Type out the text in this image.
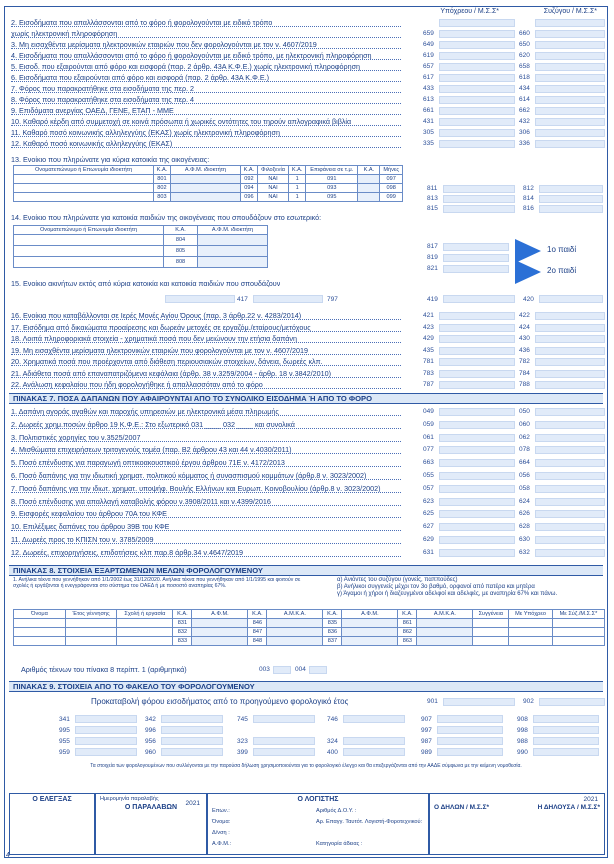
Υπόχρεου / Μ.Σ.Σ*	Συζύγου / Μ.Σ.Σ*
2. Εισοδήματα που απαλλάσσονται από το φόρο ή φορολογούνται με ειδικό τρόπο
χωρίς ηλεκτρονική πληροφόρηση	659	660
3. Μη εισαχθέντα μερίσματα ηλεκτρονικών εταιριών που δεν φορολογούνται με τον ν. 4607/2019	649	650
4. Εισοδήματα που απαλλάσσονται από το φόρο ή φορολογούνται με ειδικό τρόπο, με ηλεκτρονική πληροφόρηση	619	620
5. Εισοδ. που εξαιρούνται από φόρο και εισφορά (παρ. 2 άρθρ. 43Α Κ.Φ.Ε.) χωρίς ηλεκτρονική πληροφόρηση	657	658
6. Εισοδήματα που εξαιρούνται από φόρο και εισφορά (παρ. 2 άρθρ. 43Α Κ.Φ.Ε.)	617	618
7. Φόρος που παρακρατήθηκε στα εισοδήματα της περ. 2	433	434
8. Φόρος που παρακρατήθηκε στα εισοδήματα της περ. 4	613	614
9. Επιδόματα ανεργίας ΟΑΕΔ, ΓΕΝΕ, ΕΤΑΠ - ΜΜΕ	661	662
10. Καθαρό κέρδη από συμμετοχή σε κοινά πρόσωπα ή χωρικές οντότητες του τηρούν απλογραφικά βιβλία	431	432
11. Καθαρό ποσό κοινωνικής αλληλεγγύης (ΕΚΑΣ) χωρίς ηλεκτρονική πληροφόρηση	305	306
12. Καθαρό ποσό κοινωνικής αλληλεγγύης (ΕΚΑΣ)	335	336
13. Ενοίκιο που πληρώνατε για κύρια κατοικία της οικογένειας:
Ονοματεπώνυμο ή Επωνυμία ιδιοκτήτη	Κ.Α.	Α.Φ.Μ. ιδιοκτήτη	Κ.Α.	Φιλοξενία	Κ.Α.	Επιφάνεια σε τ.μ.	Κ.Α.	Μήνες
	801		092	ΝΑΙ	1	091		097
	802		094	ΝΑΙ	1	093		098
	803		096	ΝΑΙ	1	095		099
811	812
813	814
815	816
14. Ενοίκιο που πληρώνατε για κατοικία παιδιών της οικογένειας που σπουδάζουν στο εσωτερικό:
Ονοματεπώνυμο ή Επωνυμία ιδιοκτήτη	Κ.Α.	Α.Φ.Μ. ιδιοκτήτη
	804	
	805	
	808	
817
819
821
1ο παιδί
2ο παιδί
15. Ενοίκιο ακινήτων εκτός από κύρια κατοικία και κατοικία παιδιών που σπουδάζουν
417	797	419	420
16. Ενοίκια που καταβάλλονται σε Ιερές Μονές Αγίου Όρους (παρ. 3 άρθρ.22 ν. 4283/2014)	421	422
17. Εισόδημα από δικαιώματα προαίρεσης και δωρεάν μετοχές σε εργαζόμ./εταίρους/μετόχους	423	424
18. Λοιπά πληροφοριακά στοιχεία - χρηματικά ποσά που δεν μειώνουν την ετήσια δαπάνη	429	430
19. Μη εισαχθέντα μερίσματα ηλεκτρονικών εταιριών που φορολογούνται με τον ν. 4607/2019	435	436
20. Χρηματικά ποσά που προέρχονται από διάθεση περιουσιακών στοιχείων, δάνεια, δωρεές κλπ.	781	782
21. Αδιάθετα ποσά από επαναπατριζόμενα κεφάλαια (άρθρ. 38 ν.3259/2004 - άρθρ. 18 ν.3842/2010)	783	784
22. Ανάλωση κεφαλαίου που ήδη φορολογήθηκε ή απαλλασσόταν από το φόρο	787	788
ΠΙΝΑΚΑΣ 7. ΠΟΣΑ ΔΑΠΑΝΩΝ ΠΟΥ ΑΦΑΙΡΟΥΝΤΑΙ ΑΠΟ ΤΟ ΣΥΝΟΛΙΚΟ ΕΙΣΟΔΗΜΑ Ή ΑΠΟ ΤΟ ΦΟΡΟ
1. Δαπάνη αγοράς αγαθών και παροχής υπηρεσιών με ηλεκτρονικά μέσα πληρωμής	049	050
2. Δωρεές χρημ.ποσών άρθρο 19 Κ.Φ.Ε.: Στο εξωτερικό 031 ____ 032 ____ και συνολικά	059	060
3. Πολιτιστικές χορηγίες του ν.3525/2007	061	062
4. Μισθώματα επιχειρήσεων τριτογενούς τομέα (παρ. Β2 άρθρου 43 και 44 ν.4030/2011)	077	078
5. Ποσό επένδυσης για παραγωγή οπτικοακουστικού έργου άρθρου 71Ε ν. 4172/2013	663	664
6. Ποσό δαπάνης για την ιδιωτική χρηματ. πολιτικού κόμματος ή συνασπισμού κομμάτων (άρθρ.8 ν. 3023/2002)	055	056
7. Ποσό δαπάνης για την ιδιωτ. χρηματ. υποψήφ. Βουλής Ελλήνων και Ευρωπ. Κοινοβουλίου (άρθρ.8 ν. 3023/2002)	057	058
8. Ποσό επένδυσης για απαλλαγή καταβολής φόρου ν.3908/2011 και ν.4399/2016	623	624
9. Εισφορές κεφαλαίου του άρθρου 70Α του ΚΦΕ	625	626
10. Επιλέξιμες δαπάνες του άρθρου 39Β του ΚΦΕ	627	628
11. Δωρεές προς το ΚΠΙΣΝ του ν. 3785/2009	629	630
12. Δωρεές, επιχορηγήσεις, επιδοτήσεις κλπ παρ.8 άρθρ.34 ν.4647/2019	631	632
ΠΙΝΑΚΑΣ 8. ΣΤΟΙΧΕΙΑ ΕΞΑΡΤΩΜΕΝΩΝ ΜΕΛΩΝ ΦΟΡΟΛΟΓΟΥΜΕΝΟΥ
1. Ανήλικα τέκνα που γεννήθηκαν από 1/1/2002 έως 31/12/2020. Ανήλικα τέκνα που γεννήθηκαν από 1/1/1995 και φοιτούν σε σχολές ή εργάζονται ή ενεγγράφονται στο σύστημα του ΟΑΕΔ ή με ποσοστό αναπηρίας 67%.
α) Ανιόντες του συζύγου (γονείς, παππούδες)
β) Ανήλικοι συγγενείς μέχρι τον 3ο βαθμό, ορφανοί από πατέρα και μητέρα
γ) Άγαμοι ή χήροι ή διαζευγμένοι αδελφοί και αδελφές, με αναπηρία 67% και πάνω.
Όνομα	Έτος γέννησης	Σχολή ή εργασία	Κ.Α.	Α.Φ.Μ.	Κ.Α.	Α.Μ.Κ.Α.	Κ.Α.	Α.Φ.Μ.	Κ.Α.	Α.Μ.Κ.Α.	Συγγένεια	Με Υπόχρεο	Με Σύζ./Μ.Σ.Σ*
			831		846		835		861				
			832		847		836		862				
			833		848		837		863				
Αριθμός τέκνων του πίνακα 8 περίπτ. 1 (αριθμητικά)	003	004
ΠΙΝΑΚΑΣ 9. ΣΤΟΙΧΕΙΑ ΑΠΟ ΤΟ ΦΑΚΕΛΟ ΤΟΥ ΦΟΡΟΛΟΓΟΥΜΕΝΟΥ
Προκαταβολή φόρου εισοδήματος από το προηγούμενο φορολογικό έτος	901	902
341	342	745	746	907	908
995	996	997	998
955	956	323	324	987	988
959	960	399	400	989	990
Τα στοιχεία των φορολογουμένων που συλλέγονται με την παρούσα δήλωση χρησιμοποιούνται για το φορολογικό έλεγχο και θα επεξεργάζονται από την ΑΑΔΕ σύμφωνα με την κείμενη νομοθεσία.
Ο ΕΛΕΓΞΑΣ	Ημερομηνία παραλαβής
2021
Ο ΠΑΡΑΛΑΒΩΝ
Ο ΛΟΓΙΣΤΗΣ
Επων.:	Αριθμός Δ.Ο.Υ. :
Όνομα:	Αρ. Επαγγ. Ταυτότ. Λογιστή-Φοροτεχνικού:
Δ/νση :
Α.Φ.Μ.:	Κατηγορία άδειας :
2021
Ο ΔΗΛΩΝ / Μ.Σ.Σ*	Η ΔΗΛΟΥΣΑ / Μ.Σ.Σ*
4
